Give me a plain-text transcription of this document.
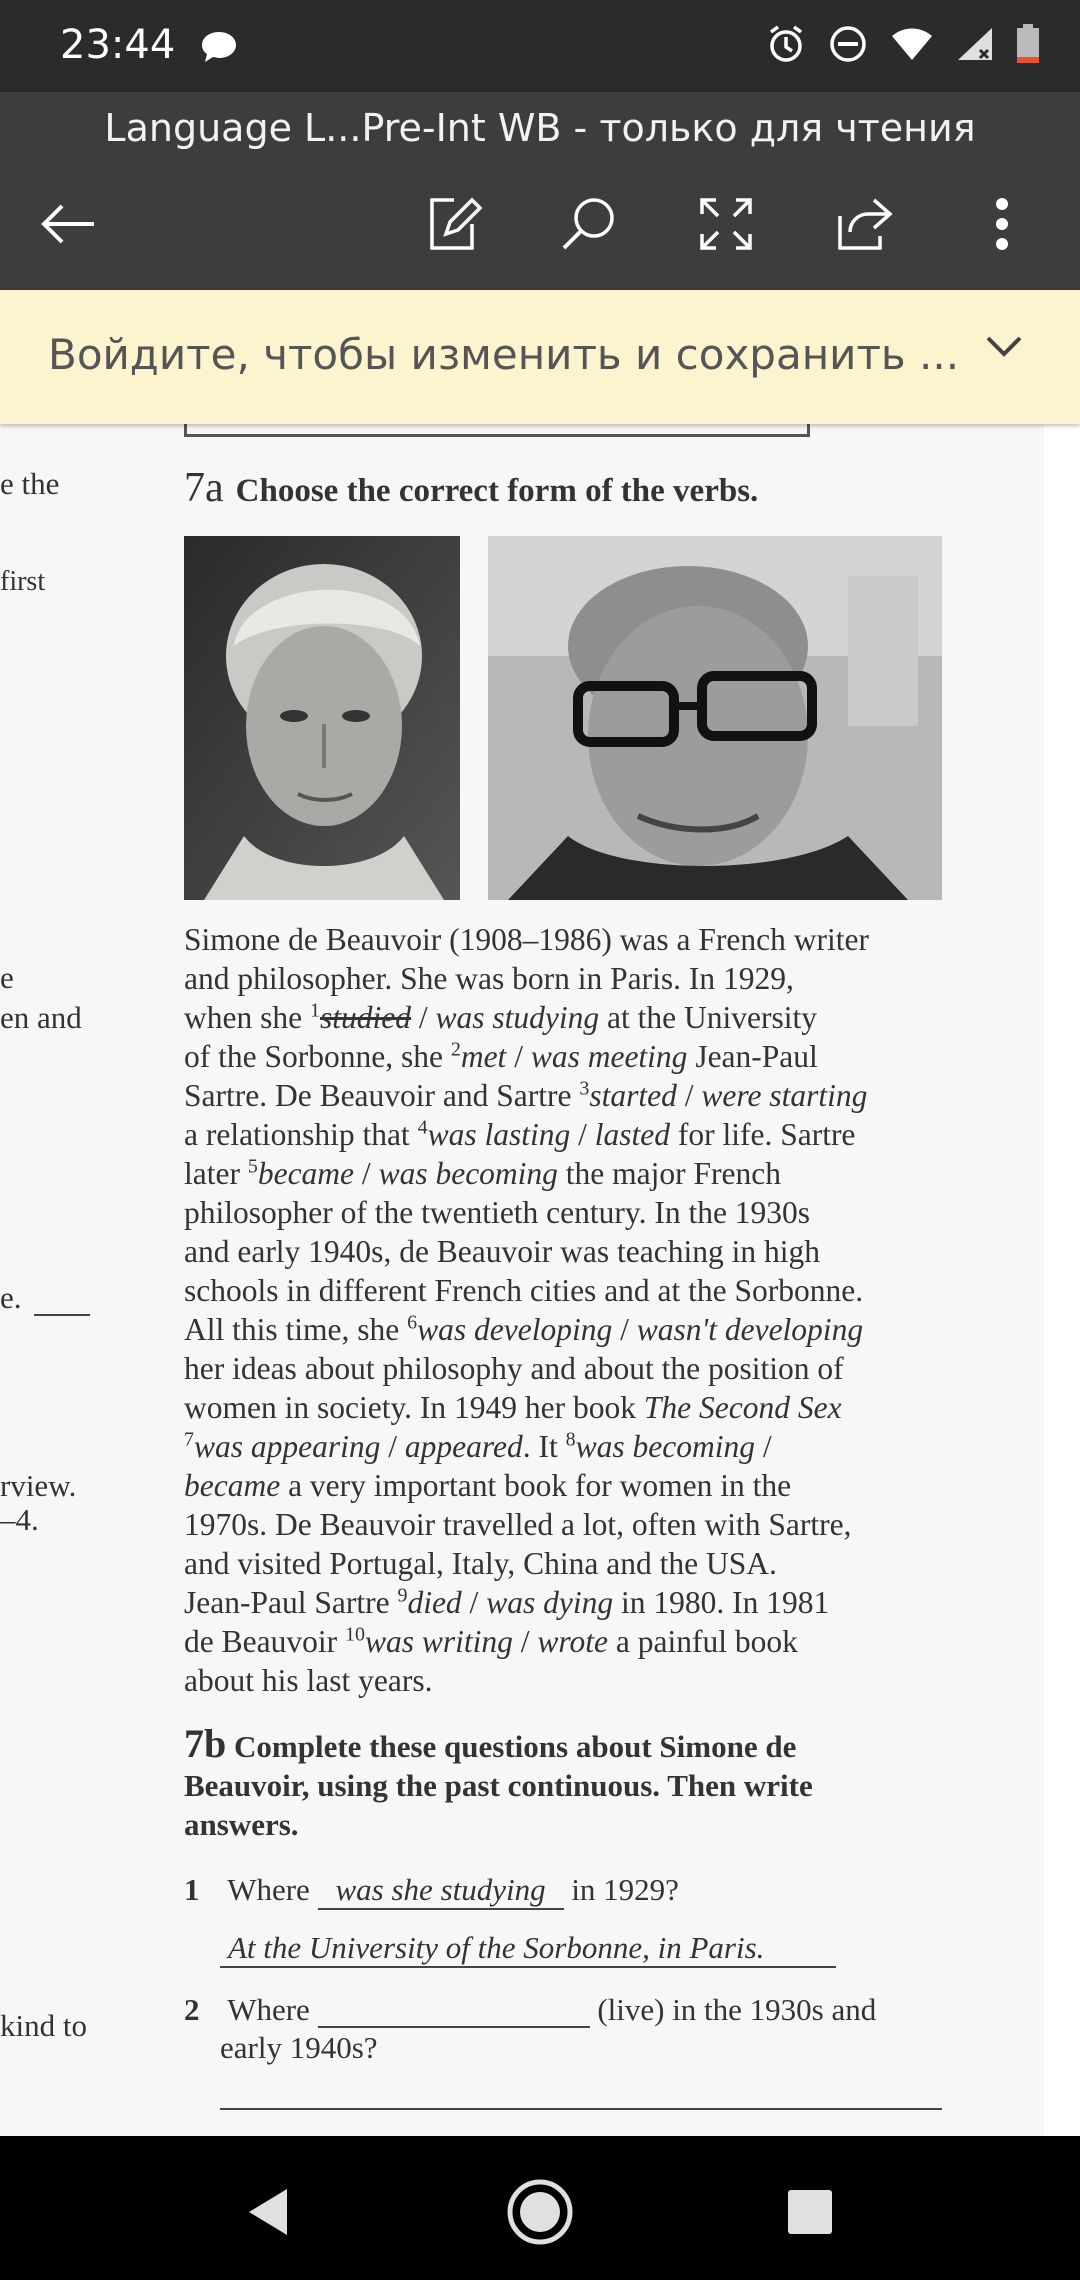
23:44
Language L...Pre-Int WB - только для чтения
Войдите, чтобы изменить и сохранить ...
e the
first
e
en and
e.
rview.
–4.
kind to
7a Choose the correct form of the verbs.

Simone de Beauvoir (1908–1986) was a French writer

and philosopher. She was born in Paris. In 1929,

when she $^1$studied / was studying at the University

of the Sorbonne, she $^2$met / was meeting Jean-Paul

Sartre. De Beauvoir and Sartre $^3$started / were starting

a relationship that $^4$was lasting / lasted for life. Sartre

later $^5$became / was becoming the major French

philosopher of the twentieth century. In the 1930s

and early 1940s, de Beauvoir was teaching in high

schools in different French cities and at the Sorbonne.

All this time, she $^6$was developing / wasn't developing

her ideas about philosophy and about the position of

women in society. In 1949 her book The Second Sex

$^7$was appearing / appeared. It $^8$was becoming /

became a very important book for women in the

1970s. De Beauvoir travelled a lot, often with Sartre,

and visited Portugal, Italy, China and the USA.

Jean-Paul Sartre $^9$died / was dying in 1980. In 1981

de Beauvoir $^{10}$was writing / wrote a painful book

about his last years.

7b Complete these questions about Simone de
Beauvoir, using the past continuous. Then write
answers.
1 Where was she studying in 1929?
At the University of the Sorbonne, in Paris.
2 Where	(live) in the 1930s and
early 1940s?
